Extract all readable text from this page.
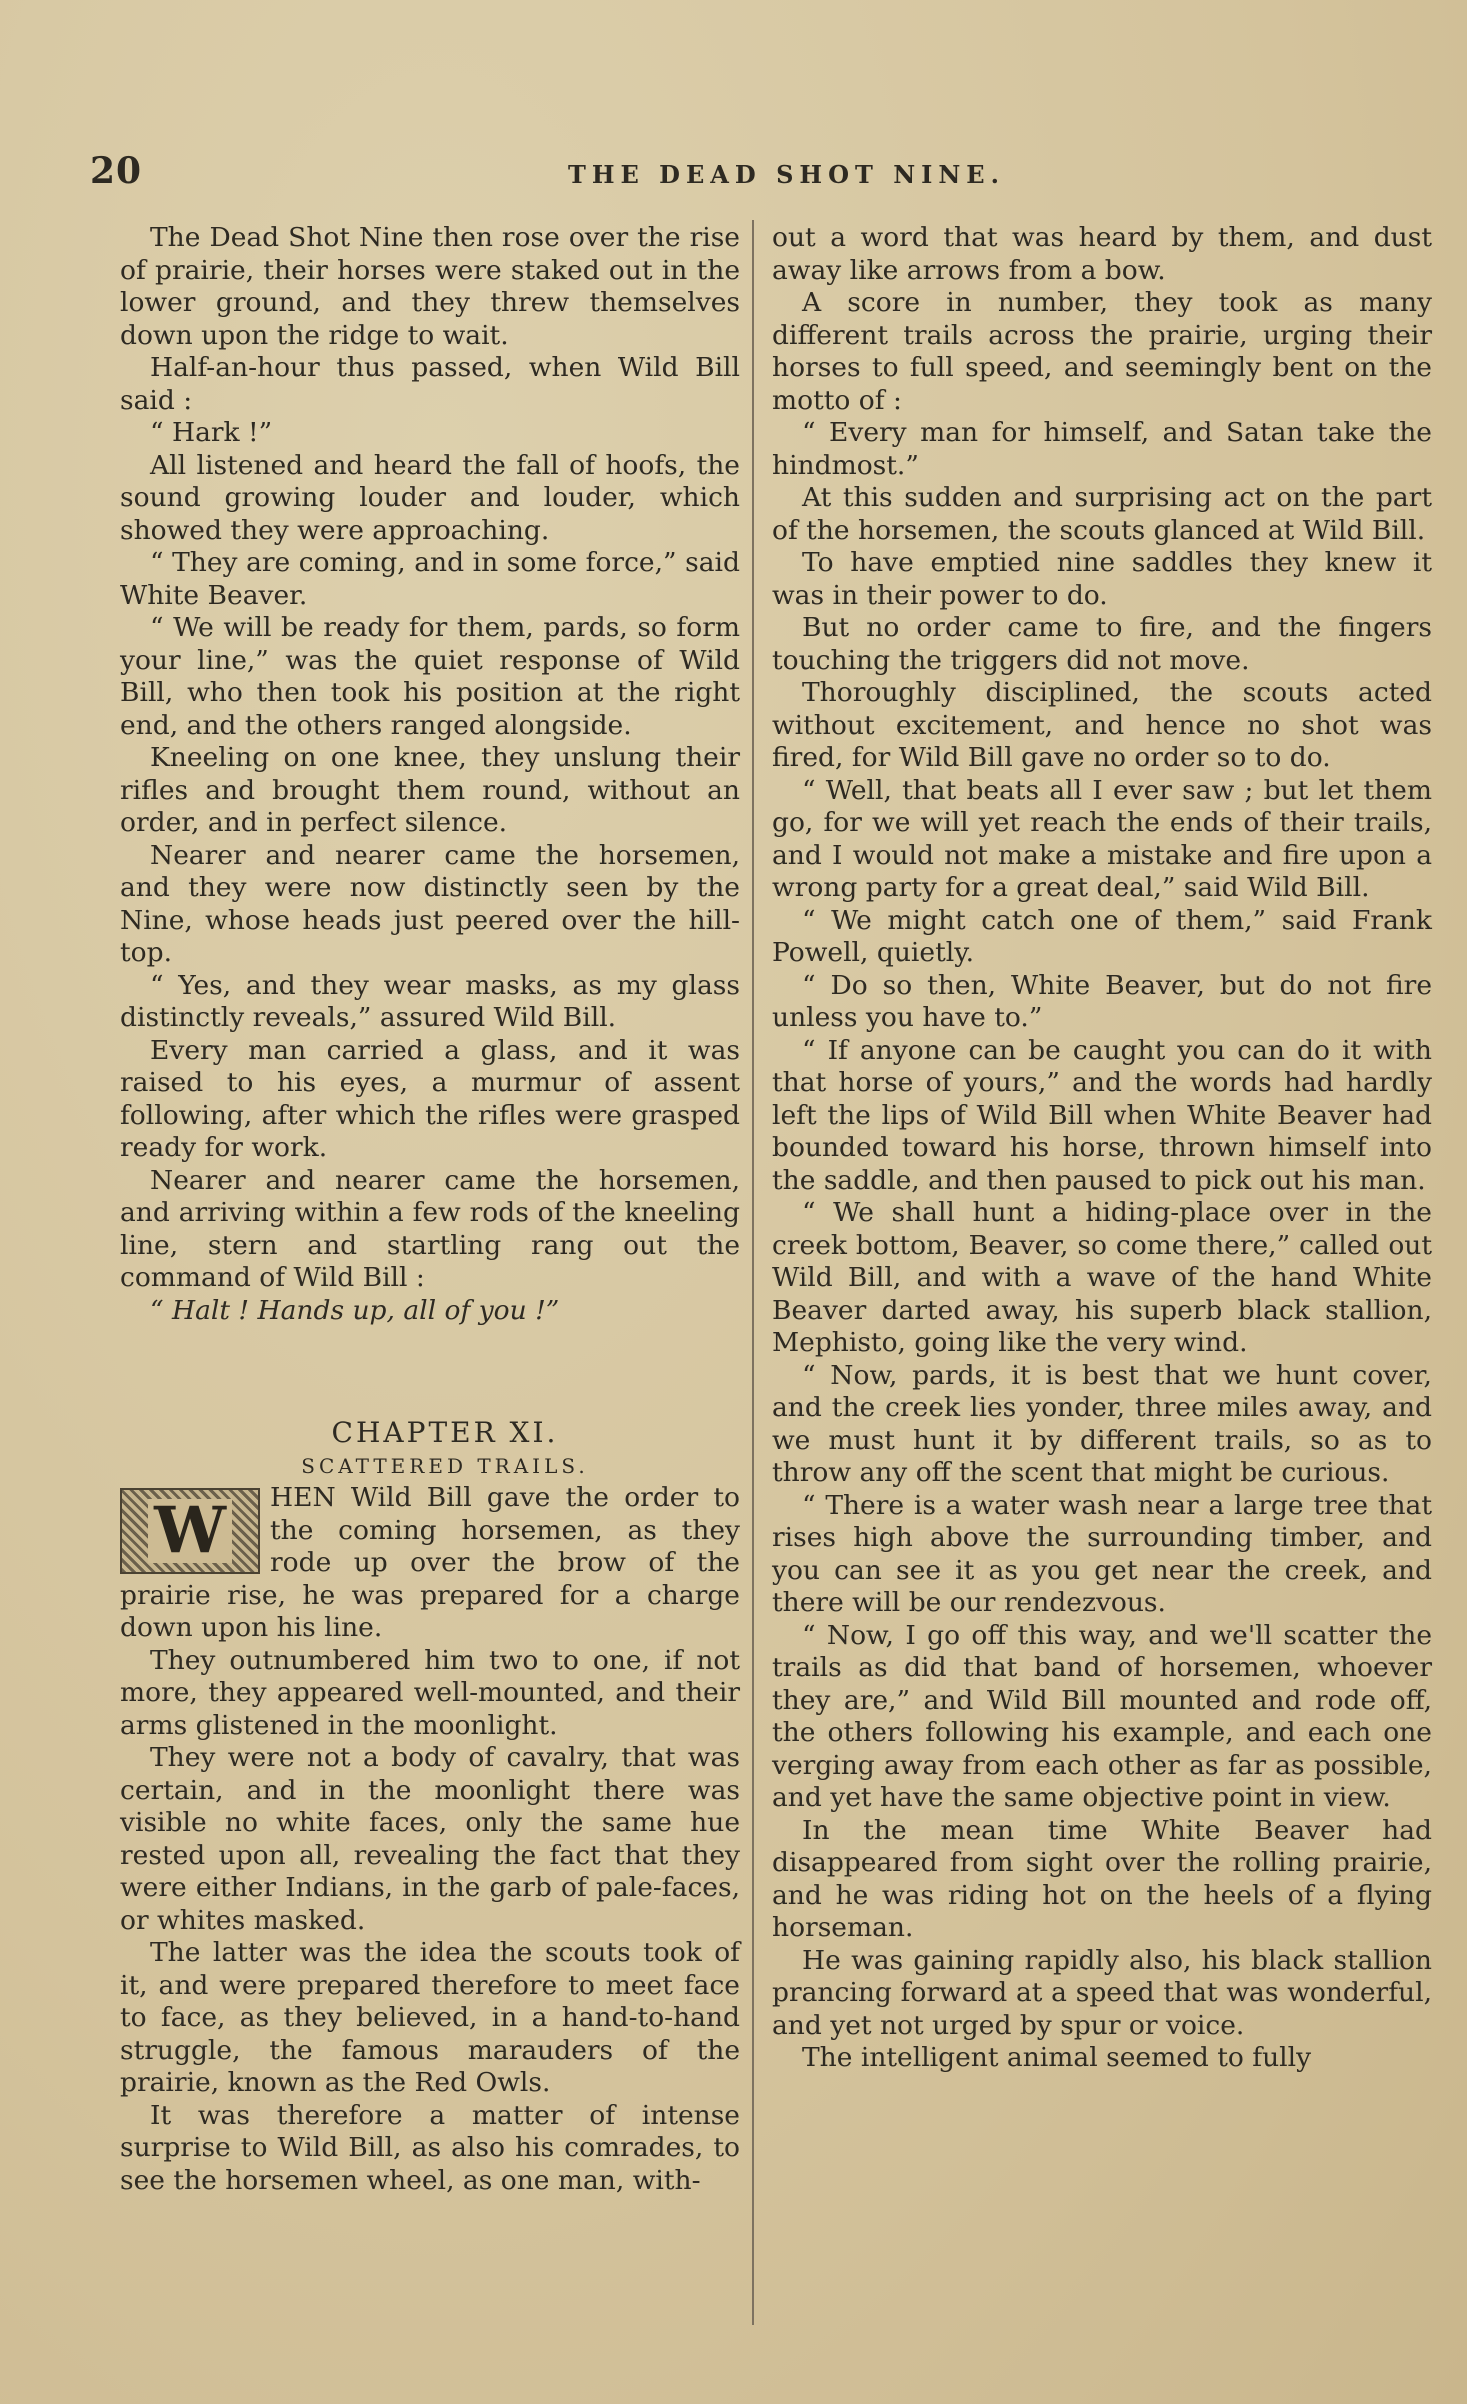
20	THE DEAD SHOT NINE.

The Dead Shot Nine then rose over the rise of prairie, their horses were staked out in the lower ground, and they threw themselves down upon the ridge to wait.

Half-an-hour thus passed, when Wild Bill said :

“ Hark !”

All listened and heard the fall of hoofs, the sound growing louder and louder, which showed they were approaching.

“ They are coming, and in some force,” said White Beaver.

“ We will be ready for them, pards, so form your line,” was the quiet response of Wild Bill, who then took his position at the right end, and the others ranged alongside.

Kneeling on one knee, they unslung their rifles and brought them round, without an order, and in perfect silence.

Nearer and nearer came the horsemen, and they were now distinctly seen by the Nine, whose heads just peered over the hill-top.

“ Yes, and they wear masks, as my glass distinctly reveals,” assured Wild Bill.

Every man carried a glass, and it was raised to his eyes, a murmur of assent following, after which the rifles were grasped ready for work.

Nearer and nearer came the horsemen, and arriving within a few rods of the kneeling line, stern and startling rang out the command of Wild Bill :

“ Halt ! Hands up, all of you !”

CHAPTER XI.

SCATTERED TRAILS.

W HEN Wild Bill gave the order to the coming horsemen, as they rode up over the brow of the prairie rise, he was prepared for a charge down upon his line.

They outnumbered him two to one, if not more, they appeared well-mounted, and their arms glistened in the moonlight.

They were not a body of cavalry, that was certain, and in the moonlight there was visible no white faces, only the same hue rested upon all, revealing the fact that they were either Indians, in the garb of pale-faces, or whites masked.

The latter was the idea the scouts took of it, and were prepared therefore to meet face to face, as they believed, in a hand-to-hand struggle, the famous marauders of the prairie, known as the Red Owls.

It was therefore a matter of intense surprise to Wild Bill, as also his comrades, to see the horsemen wheel, as one man, with-

out a word that was heard by them, and dust away like arrows from a bow.

A score in number, they took as many different trails across the prairie, urging their horses to full speed, and seemingly bent on the motto of :

“ Every man for himself, and Satan take the hindmost.”

At this sudden and surprising act on the part of the horsemen, the scouts glanced at Wild Bill.

To have emptied nine saddles they knew it was in their power to do.

But no order came to fire, and the fingers touching the triggers did not move.

Thoroughly disciplined, the scouts acted without excitement, and hence no shot was fired, for Wild Bill gave no order so to do.

“ Well, that beats all I ever saw ; but let them go, for we will yet reach the ends of their trails, and I would not make a mistake and fire upon a wrong party for a great deal,” said Wild Bill.

“ We might catch one of them,” said Frank Powell, quietly.

“ Do so then, White Beaver, but do not fire unless you have to.”

“ If anyone can be caught you can do it with that horse of yours,” and the words had hardly left the lips of Wild Bill when White Beaver had bounded toward his horse, thrown himself into the saddle, and then paused to pick out his man.

“ We shall hunt a hiding-place over in the creek bottom, Beaver, so come there,” called out Wild Bill, and with a wave of the hand White Beaver darted away, his superb black stallion, Mephisto, going like the very wind.

“ Now, pards, it is best that we hunt cover, and the creek lies yonder, three miles away, and we must hunt it by different trails, so as to throw any off the scent that might be curious.

“ There is a water wash near a large tree that rises high above the surrounding timber, and you can see it as you get near the creek, and there will be our rendezvous.

“ Now, I go off this way, and we'll scatter the trails as did that band of horsemen, whoever they are,” and Wild Bill mounted and rode off, the others following his example, and each one verging away from each other as far as possible, and yet have the same objective point in view.

In the mean time White Beaver had disappeared from sight over the rolling prairie, and he was riding hot on the heels of a flying horseman.

He was gaining rapidly also, his black stallion prancing forward at a speed that was wonderful, and yet not urged by spur or voice.

The intelligent animal seemed to fully
